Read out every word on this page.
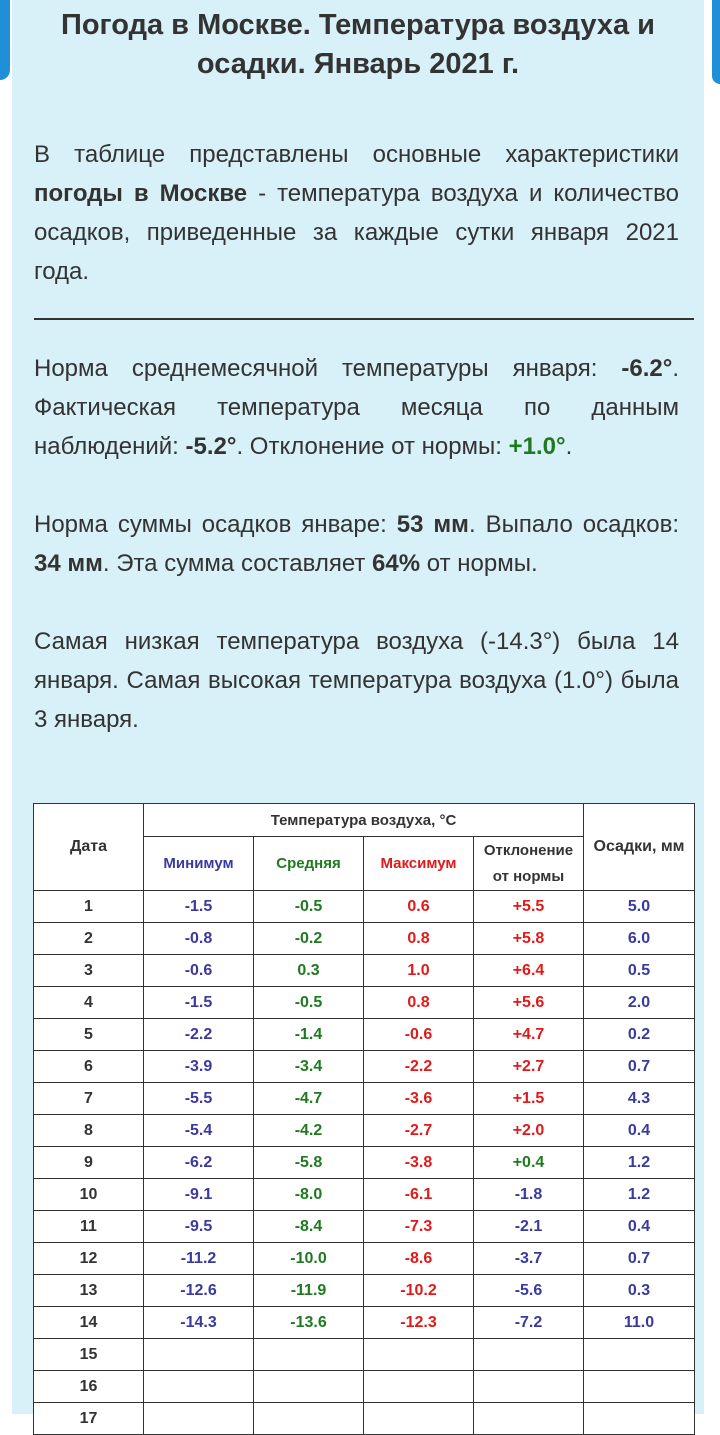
Погода в Москве. Температура воздуха и осадки. Январь 2021 г.

В таблице представлены основные характеристики погоды в Москве - температура воздуха и количество осадков, приведенные за каждые сутки января 2021 года.

Норма среднемесячной температуры января: -6.2°. Фактическая температура месяца по данным наблюдений: -5.2°. Отклонение от нормы: +1.0°.

Норма суммы осадков январе: 53 мм. Выпало осадков: 34 мм. Эта сумма составляет 64% от нормы.

Самая низкая температура воздуха (-14.3°) была 14 января. Самая высокая температура воздуха (1.0°) была 3 января.

Дата	Температура воздуха, °С				Осадки, мм
	Минимум	Средняя	Максимум	Отклонение
от нормы	
1	-1.5	-0.5	0.6	+5.5	5.0
2	-0.8	-0.2	0.8	+5.8	6.0
3	-0.6	0.3	1.0	+6.4	0.5
4	-1.5	-0.5	0.8	+5.6	2.0
5	-2.2	-1.4	-0.6	+4.7	0.2
6	-3.9	-3.4	-2.2	+2.7	0.7
7	-5.5	-4.7	-3.6	+1.5	4.3
8	-5.4	-4.2	-2.7	+2.0	0.4
9	-6.2	-5.8	-3.8	+0.4	1.2
10	-9.1	-8.0	-6.1	-1.8	1.2
11	-9.5	-8.4	-7.3	-2.1	0.4
12	-11.2	-10.0	-8.6	-3.7	0.7
13	-12.6	-11.9	-10.2	-5.6	0.3
14	-14.3	-13.6	-12.3	-7.2	11.0
15					
16					
17					
